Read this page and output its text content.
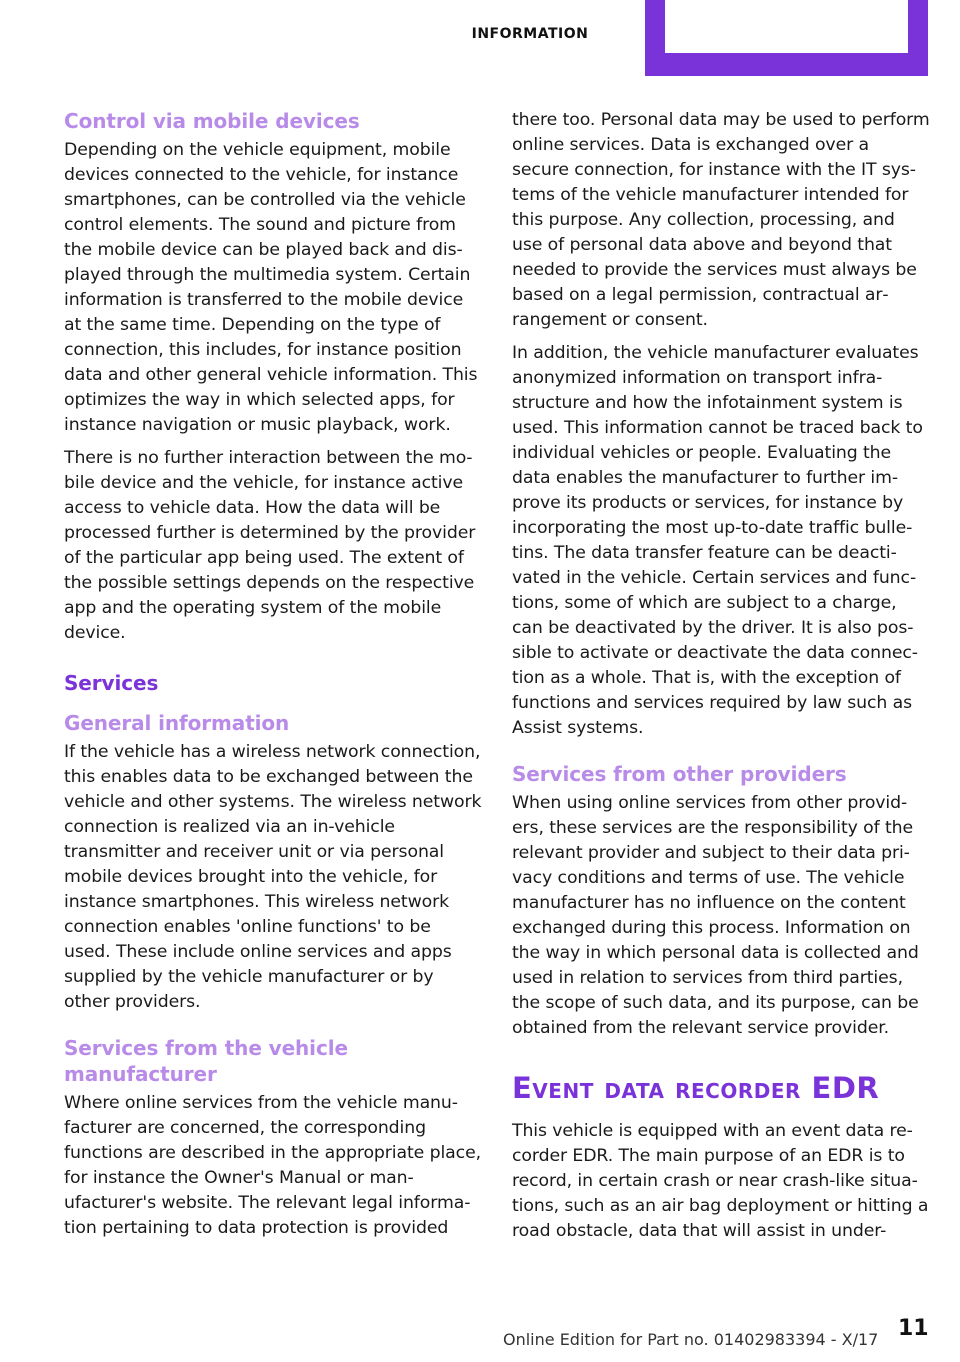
INFORMATION
Control via mobile devices

Depending on the vehicle equipment, mobile devices connected to the vehicle, for instance smartphones, can be controlled via the vehicle control elements. The sound and picture from the mobile device can be played back and displayed through the multimedia system. Certain information is transferred to the mobile device at the same time. Depending on the type of connection, this includes, for instance position data and other general vehicle information. This optimizes the way in which selected apps, for instance navigation or music playback, work.

There is no further interaction between the mobile device and the vehicle, for instance active access to vehicle data. How the data will be processed further is determined by the provider of the particular app being used. The extent of the possible settings depends on the respective app and the operating system of the mobile device.

Services
General information

If the vehicle has a wireless network connection, this enables data to be exchanged between the vehicle and other systems. The wireless network connection is realized via an in-vehicle transmitter and receiver unit or via personal mobile devices brought into the vehicle, for instance smartphones. This wireless network connection enables 'online functions' to be used. These include online services and apps supplied by the vehicle manufacturer or by other providers.

Services from the vehicle manufacturer

Where online services from the vehicle manufacturer are concerned, the corresponding functions are described in the appropriate place, for instance the Owner's Manual or manufacturer's website. The relevant legal information pertaining to data protection is provided

there too. Personal data may be used to perform online services. Data is exchanged over a secure connection, for instance with the IT systems of the vehicle manufacturer intended for this purpose. Any collection, processing, and use of personal data above and beyond that needed to provide the services must always be based on a legal permission, contractual arrangement or consent.

In addition, the vehicle manufacturer evaluates anonymized information on transport infrastructure and how the infotainment system is used. This information cannot be traced back to individual vehicles or people. Evaluating the data enables the manufacturer to further improve its products or services, for instance by incorporating the most up-to-date traffic bulletins. The data transfer feature can be deactivated in the vehicle. Certain services and functions, some of which are subject to a charge, can be deactivated by the driver. It is also possible to activate or deactivate the data connection as a whole. That is, with the exception of functions and services required by law such as Assist systems.

Services from other providers

When using online services from other providers, these services are the responsibility of the relevant provider and subject to their data privacy conditions and terms of use. The vehicle manufacturer has no influence on the content exchanged during this process. Information on the way in which personal data is collected and used in relation to services from third parties, the scope of such data, and its purpose, can be obtained from the relevant service provider.

Event data recorder EDR

This vehicle is equipped with an event data recorder EDR. The main purpose of an EDR is to record, in certain crash or near crash-like situations, such as an air bag deployment or hitting a road obstacle, data that will assist in under-

Online Edition for Part no. 01402983394 - X/17 11
